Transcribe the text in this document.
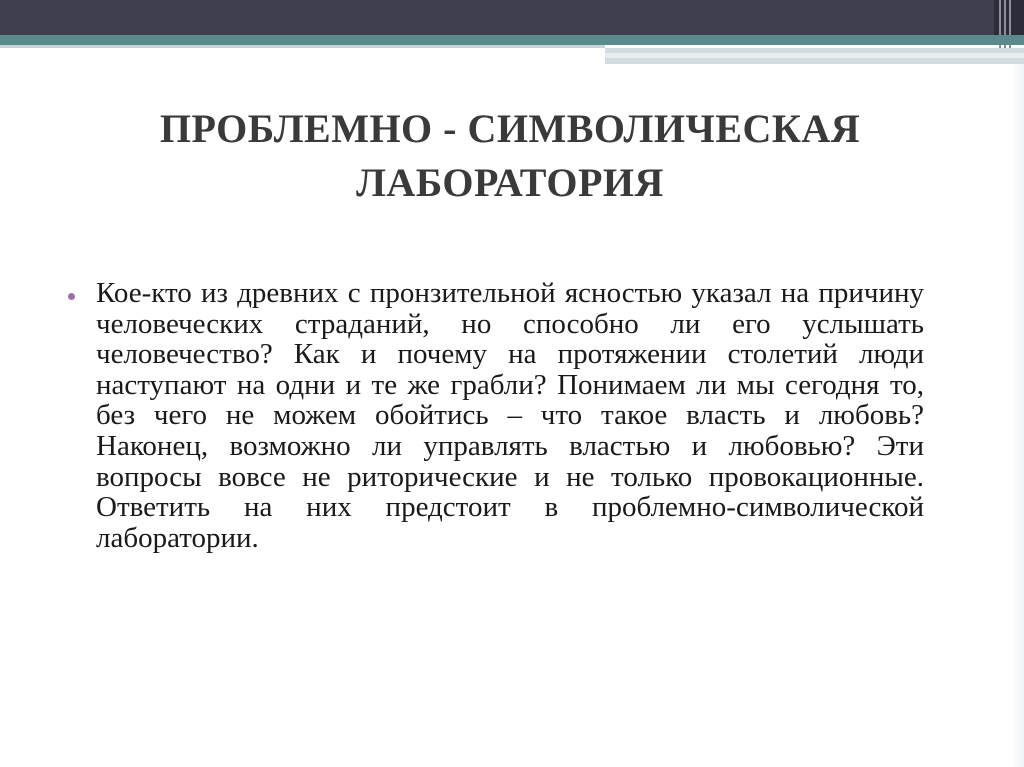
ПРОБЛЕМНО - СИМВОЛИЧЕСКАЯ
ЛАБОРАТОРИЯ

Кое-кто из древних с пронзительной ясностью указал на причину человеческих страданий, но способно ли его услышать человечество? Как и почему на протяжении столетий люди наступают на одни и те же грабли? Понимаем ли мы сегодня то, без чего не можем обойтись – что такое власть и любовь? Наконец, возможно ли управлять властью и любовью? Эти вопросы вовсе не риторические и не только провокационные. Ответить на них предстоит в проблемно-символической лаборатории.
